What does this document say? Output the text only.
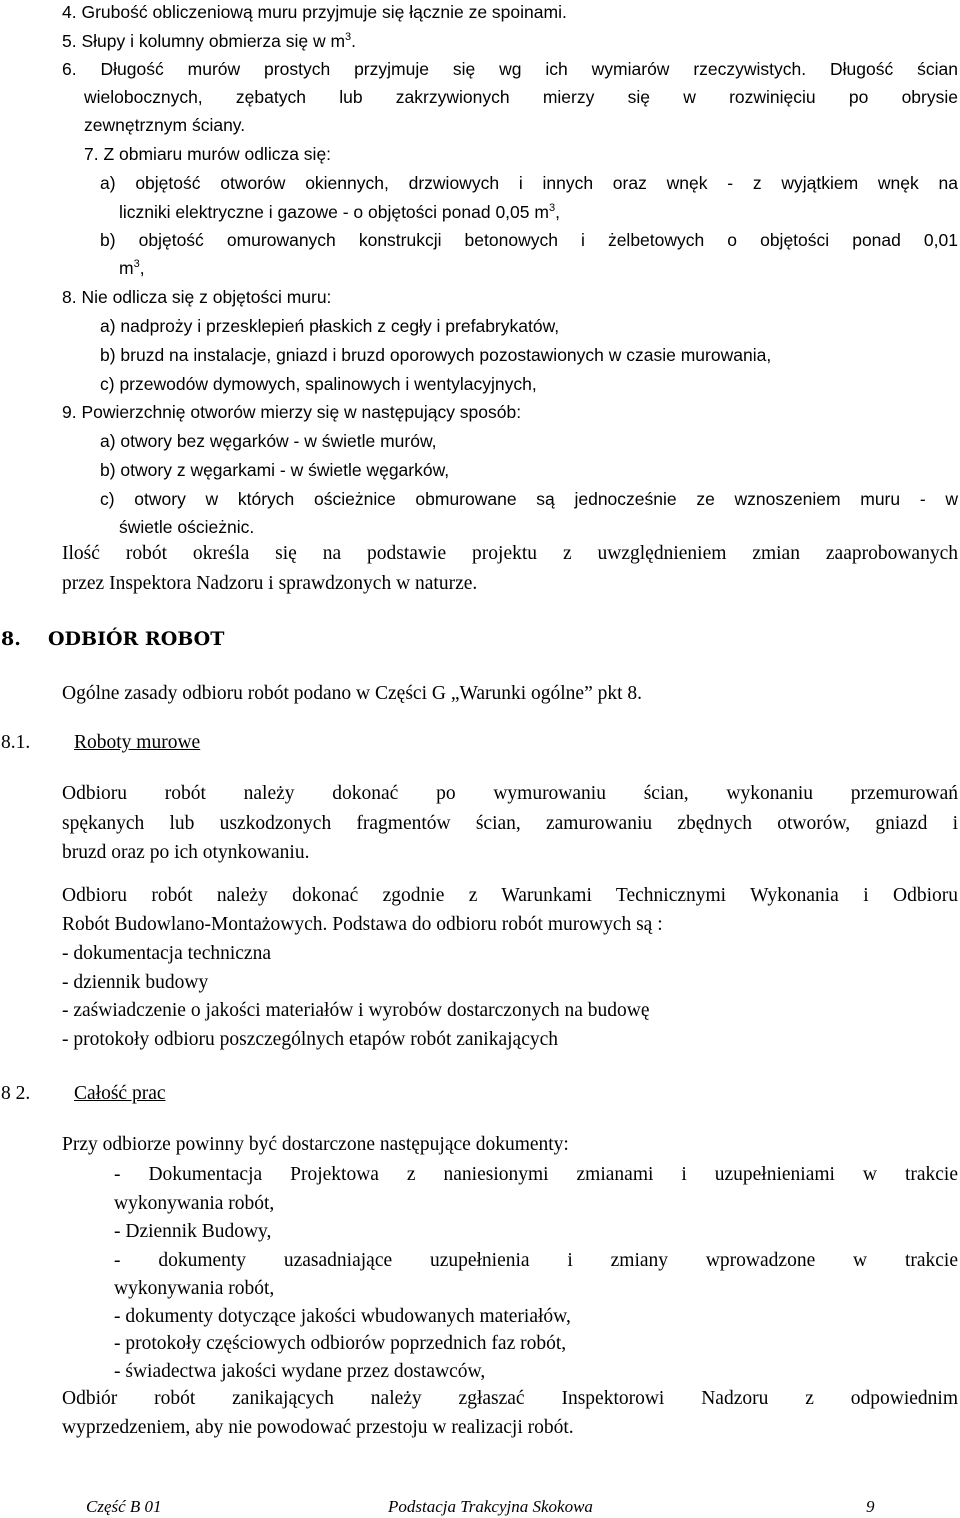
4. Grubość obliczeniową muru przyjmuje się łącznie ze spoinami.
5. Słupy i kolumny obmierza się w $m^3$.
6. Długość murów prostych przyjmuje się wg ich wymiarów rzeczywistych. Długość ścian
wielobocznych, zębatych lub zakrzywionych mierzy się w rozwinięciu po obrysie
zewnętrznym ściany.
7. Z obmiaru murów odlicza się:
a) objętość otworów okiennych, drzwiowych i innych oraz wnęk - z wyjątkiem wnęk na
liczniki elektryczne i gazowe - o objętości ponad 0,05 $m^3$,
b) objętość omurowanych konstrukcji betonowych i żelbetowych o objętości ponad 0,01
$m^3$,
8. Nie odlicza się z objętości muru:
a) nadproży i przesklepień płaskich z cegły i prefabrykatów,
b) bruzd na instalacje, gniazd i bruzd oporowych pozostawionych w czasie murowania,
c) przewodów dymowych, spalinowych i wentylacyjnych,
9. Powierzchnię otworów mierzy się w następujący sposób:
a) otwory bez węgarków - w świetle murów,
b) otwory z węgarkami - w świetle węgarków,
c) otwory w których ościeżnice obmurowane są jednocześnie ze wznoszeniem muru - w
świetle ościeżnic.
Ilość robót określa się na podstawie projektu z uwzględnieniem zmian zaaprobowanych
przez Inspektora Nadzoru i sprawdzonych w naturze.
8. ODBIÓR ROBOT
Ogólne zasady odbioru robót podano w Części G „Warunki ogólne” pkt 8.
8.1. Roboty murowe
Odbioru robót należy dokonać po wymurowaniu ścian, wykonaniu przemurowań
spękanych lub uszkodzonych fragmentów ścian, zamurowaniu zbędnych otworów, gniazd i
bruzd oraz po ich otynkowaniu.
Odbioru robót należy dokonać zgodnie z Warunkami Technicznymi Wykonania i Odbioru
Robót Budowlano-Montażowych. Podstawa do odbioru robót murowych są :
- dokumentacja techniczna
- dziennik budowy
- zaświadczenie o jakości materiałów i wyrobów dostarczonych na budowę
- protokoły odbioru poszczególnych etapów robót zanikających
8 2. Całość prac
Przy odbiorze powinny być dostarczone następujące dokumenty:
- Dokumentacja Projektowa z naniesionymi zmianami i uzupełnieniami w trakcie
wykonywania robót,
- Dziennik Budowy,
- dokumenty uzasadniające uzupełnienia i zmiany wprowadzone w trakcie
wykonywania robót,
- dokumenty dotyczące jakości wbudowanych materiałów,
- protokoły częściowych odbiorów poprzednich faz robót,
- świadectwa jakości wydane przez dostawców,
Odbiór robót zanikających należy zgłaszać Inspektorowi Nadzoru z odpowiednim
wyprzedzeniem, aby nie powodować przestoju w realizacji robót.
Część B 01	Podstacja Trakcyjna Skokowa	9
